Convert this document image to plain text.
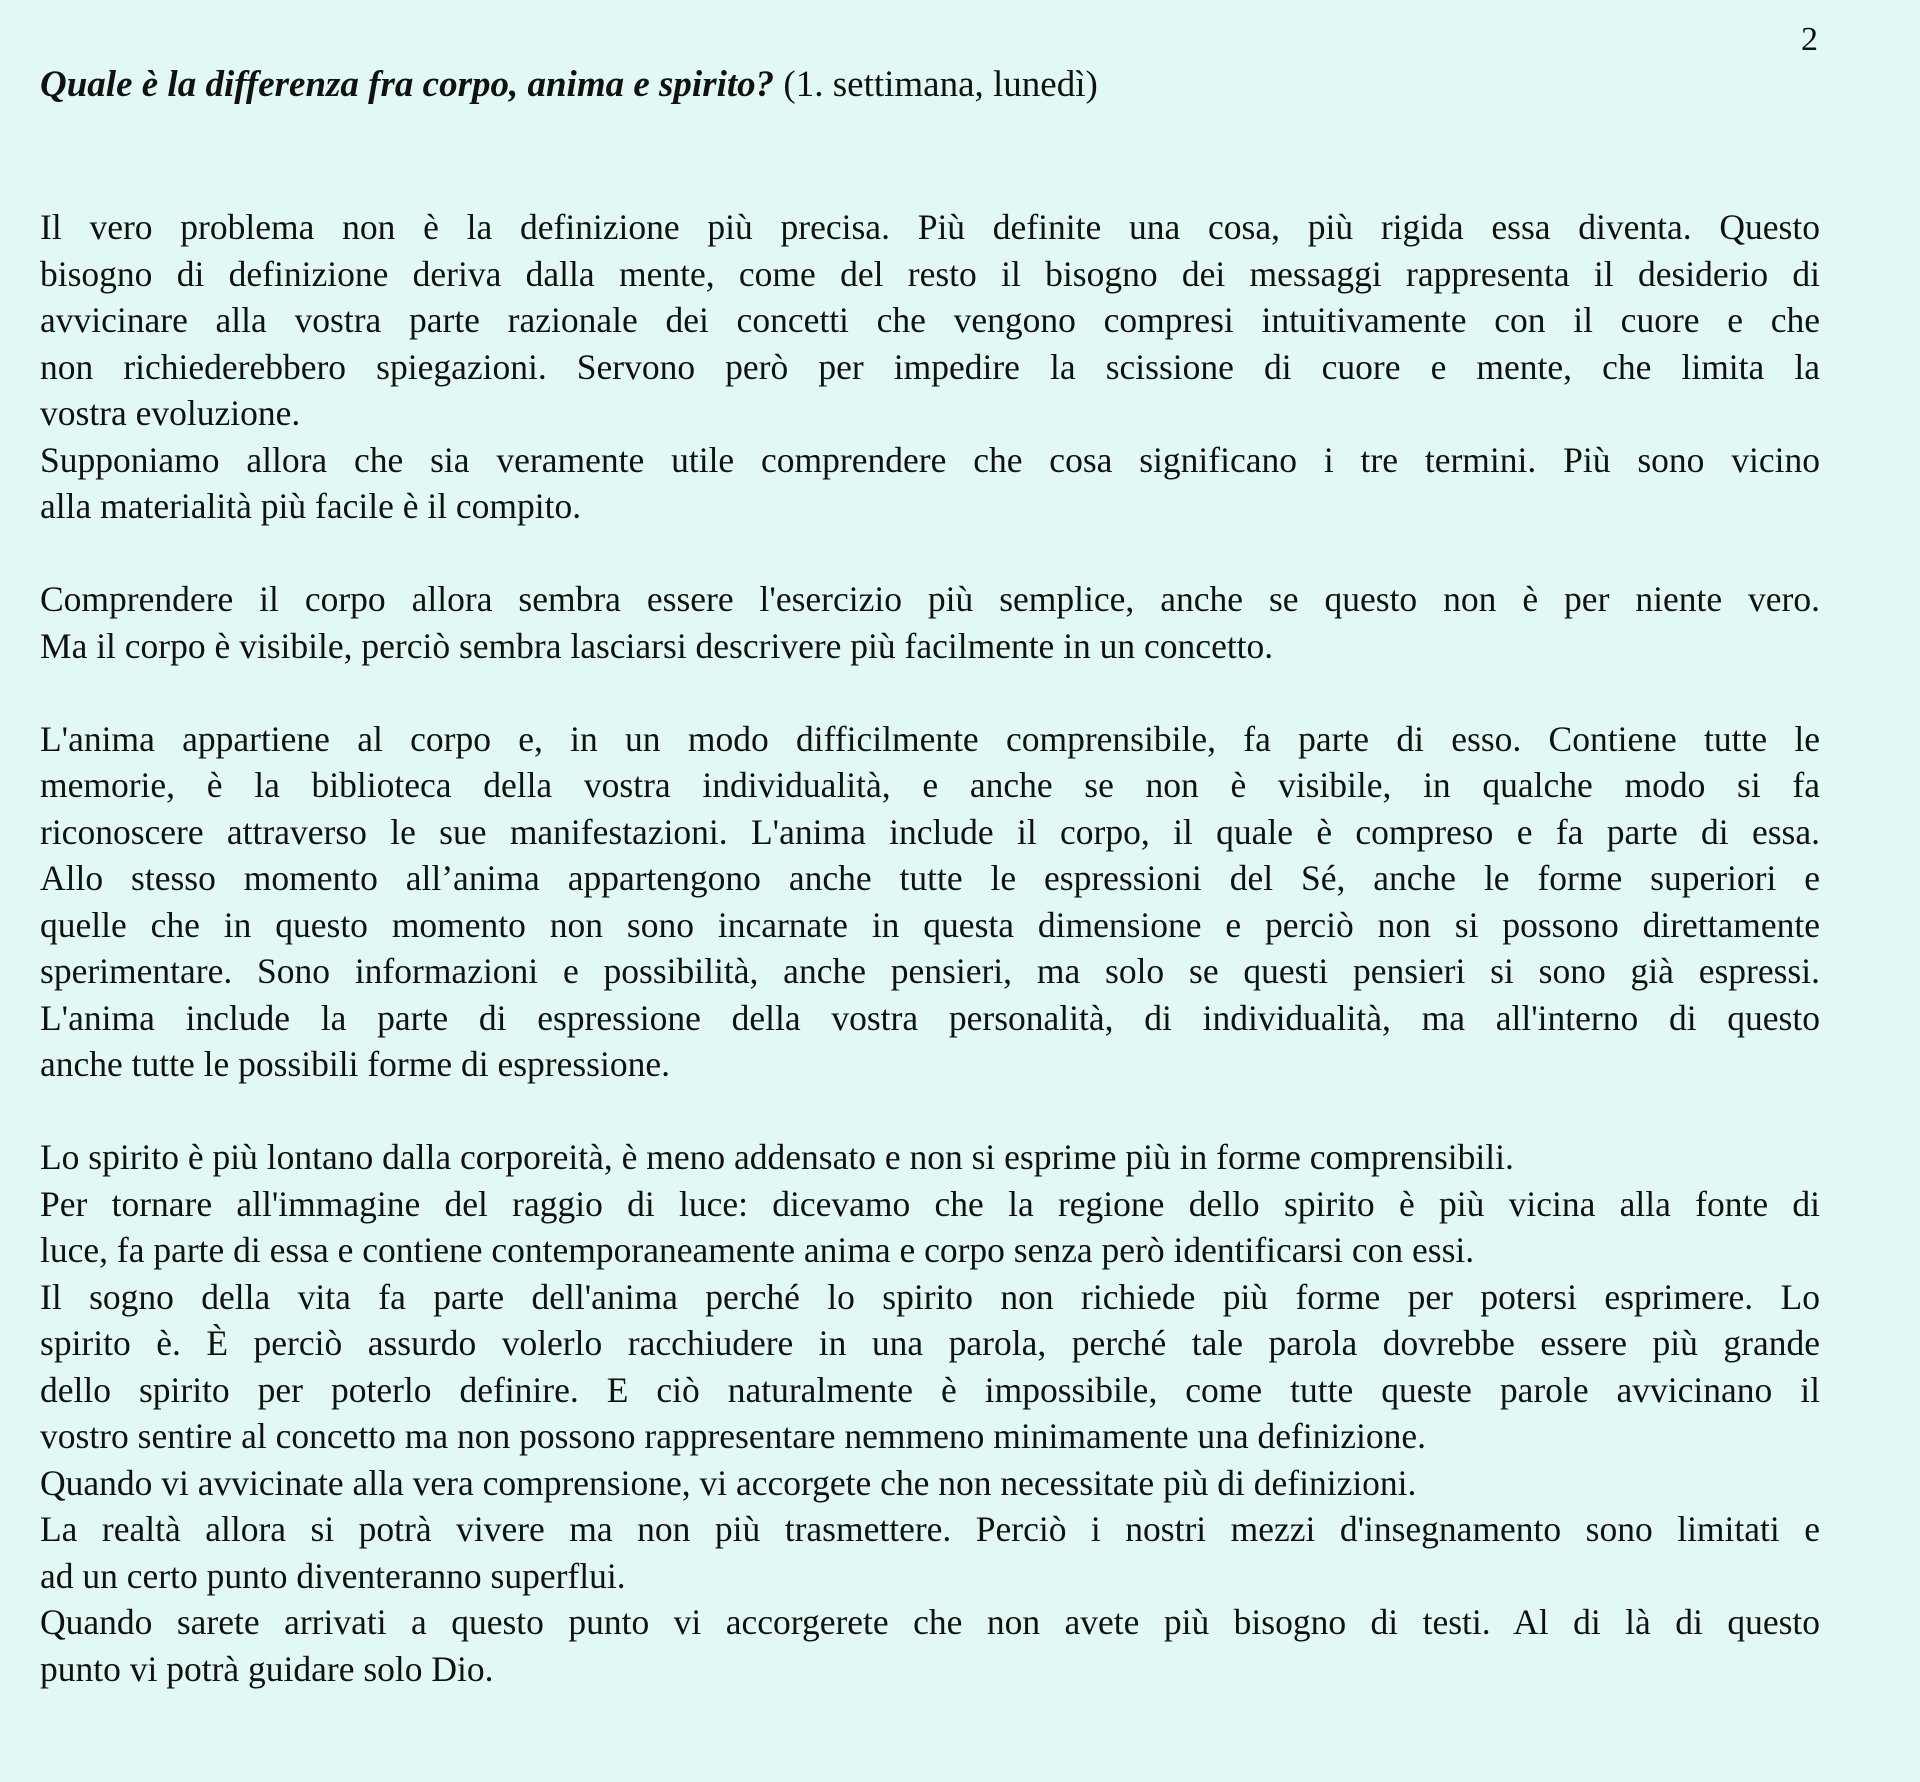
2
Quale è la differenza fra corpo, anima e spirito? (1. settimana, lunedì)
Il vero problema non è la definizione più precisa. Più definite una cosa, più rigida essa diventa. Questo
bisogno di definizione deriva dalla mente, come del resto il bisogno dei messaggi rappresenta il desiderio di
avvicinare alla vostra parte razionale dei concetti che vengono compresi intuitivamente con il cuore e che
non richiederebbero spiegazioni. Servono però per impedire la scissione di cuore e mente, che limita la
vostra evoluzione.
Supponiamo allora che sia veramente utile comprendere che cosa significano i tre termini. Più sono vicino
alla materialità più facile è il compito.
Comprendere il corpo allora sembra essere l'esercizio più semplice, anche se questo non è per niente vero.
Ma il corpo è visibile, perciò sembra lasciarsi descrivere più facilmente in un concetto.
L'anima appartiene al corpo e, in un modo difficilmente comprensibile, fa parte di esso. Contiene tutte le
memorie, è la biblioteca della vostra individualità, e anche se non è visibile, in qualche modo si fa
riconoscere attraverso le sue manifestazioni. L'anima include il corpo, il quale è compreso e fa parte di essa.
Allo stesso momento all’anima appartengono anche tutte le espressioni del Sé, anche le forme superiori e
quelle che in questo momento non sono incarnate in questa dimensione e perciò non si possono direttamente
sperimentare. Sono informazioni e possibilità, anche pensieri, ma solo se questi pensieri si sono già espressi.
L'anima include la parte di espressione della vostra personalità, di individualità, ma all'interno di questo
anche tutte le possibili forme di espressione.
Lo spirito è più lontano dalla corporeità, è meno addensato e non si esprime più in forme comprensibili.
Per tornare all'immagine del raggio di luce: dicevamo che la regione dello spirito è più vicina alla fonte di
luce, fa parte di essa e contiene contemporaneamente anima e corpo senza però identificarsi con essi.
Il sogno della vita fa parte dell'anima perché lo spirito non richiede più forme per potersi esprimere. Lo
spirito è. È perciò assurdo volerlo racchiudere in una parola, perché tale parola dovrebbe essere più grande
dello spirito per poterlo definire. E ciò naturalmente è impossibile, come tutte queste parole avvicinano il
vostro sentire al concetto ma non possono rappresentare nemmeno minimamente una definizione.
Quando vi avvicinate alla vera comprensione, vi accorgete che non necessitate più di definizioni.
La realtà allora si potrà vivere ma non più trasmettere. Perciò i nostri mezzi d'insegnamento sono limitati e
ad un certo punto diventeranno superflui.
Quando sarete arrivati a questo punto vi accorgerete che non avete più bisogno di testi. Al di là di questo
punto vi potrà guidare solo Dio.
